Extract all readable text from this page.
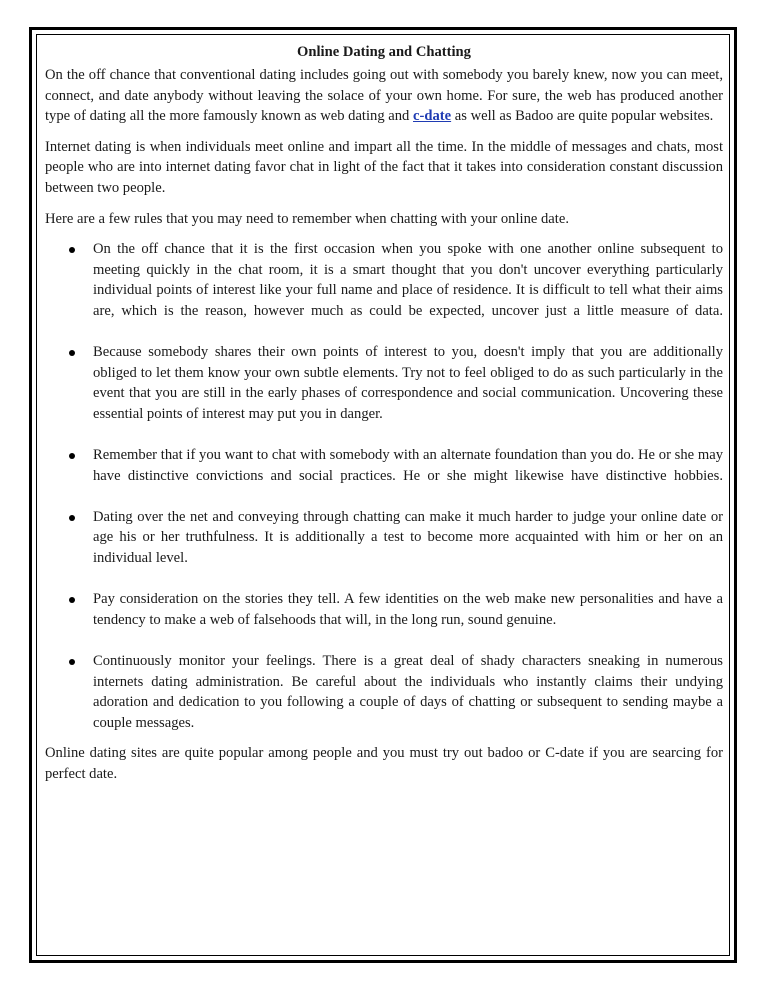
Online Dating and Chatting

On the off chance that conventional dating includes going out with somebody you barely knew, now you can meet, connect, and date anybody without leaving the solace of your own home. For sure, the web has produced another type of dating all the more famously known as web dating and c-date as well as Badoo are quite popular websites.

Internet dating is when individuals meet online and impart all the time. In the middle of messages and chats, most people who are into internet dating favor chat in light of the fact that it takes into consideration constant discussion between two people.

Here are a few rules that you may need to remember when chatting with your online date.

On the off chance that it is the first occasion when you spoke with one another online subsequent to meeting quickly in the chat room, it is a smart thought that you don't uncover everything particularly individual points of interest like your full name and place of residence. It is difficult to tell what their aims are, which is the reason, however much as could be expected, uncover just a little measure of data.
Because somebody shares their own points of interest to you, doesn't imply that you are additionally obliged to let them know your own subtle elements. Try not to feel obliged to do as such particularly in the event that you are still in the early phases of correspondence and social communication. Uncovering these essential points of interest may put you in danger.
Remember that if you want to chat with somebody with an alternate foundation than you do. He or she may have distinctive convictions and social practices. He or she might likewise have distinctive hobbies.
Dating over the net and conveying through chatting can make it much harder to judge your online date or age his or her truthfulness. It is additionally a test to become more acquainted with him or her on an individual level.
Pay consideration on the stories they tell. A few identities on the web make new personalities and have a tendency to make a web of falsehoods that will, in the long run, sound genuine.
Continuously monitor your feelings. There is a great deal of shady characters sneaking in numerous internets dating administration. Be careful about the individuals who instantly claims their undying adoration and dedication to you following a couple of days of chatting or subsequent to sending maybe a couple messages.

Online dating sites are quite popular among people and you must try out badoo or C-date if you are searcing for perfect date.
